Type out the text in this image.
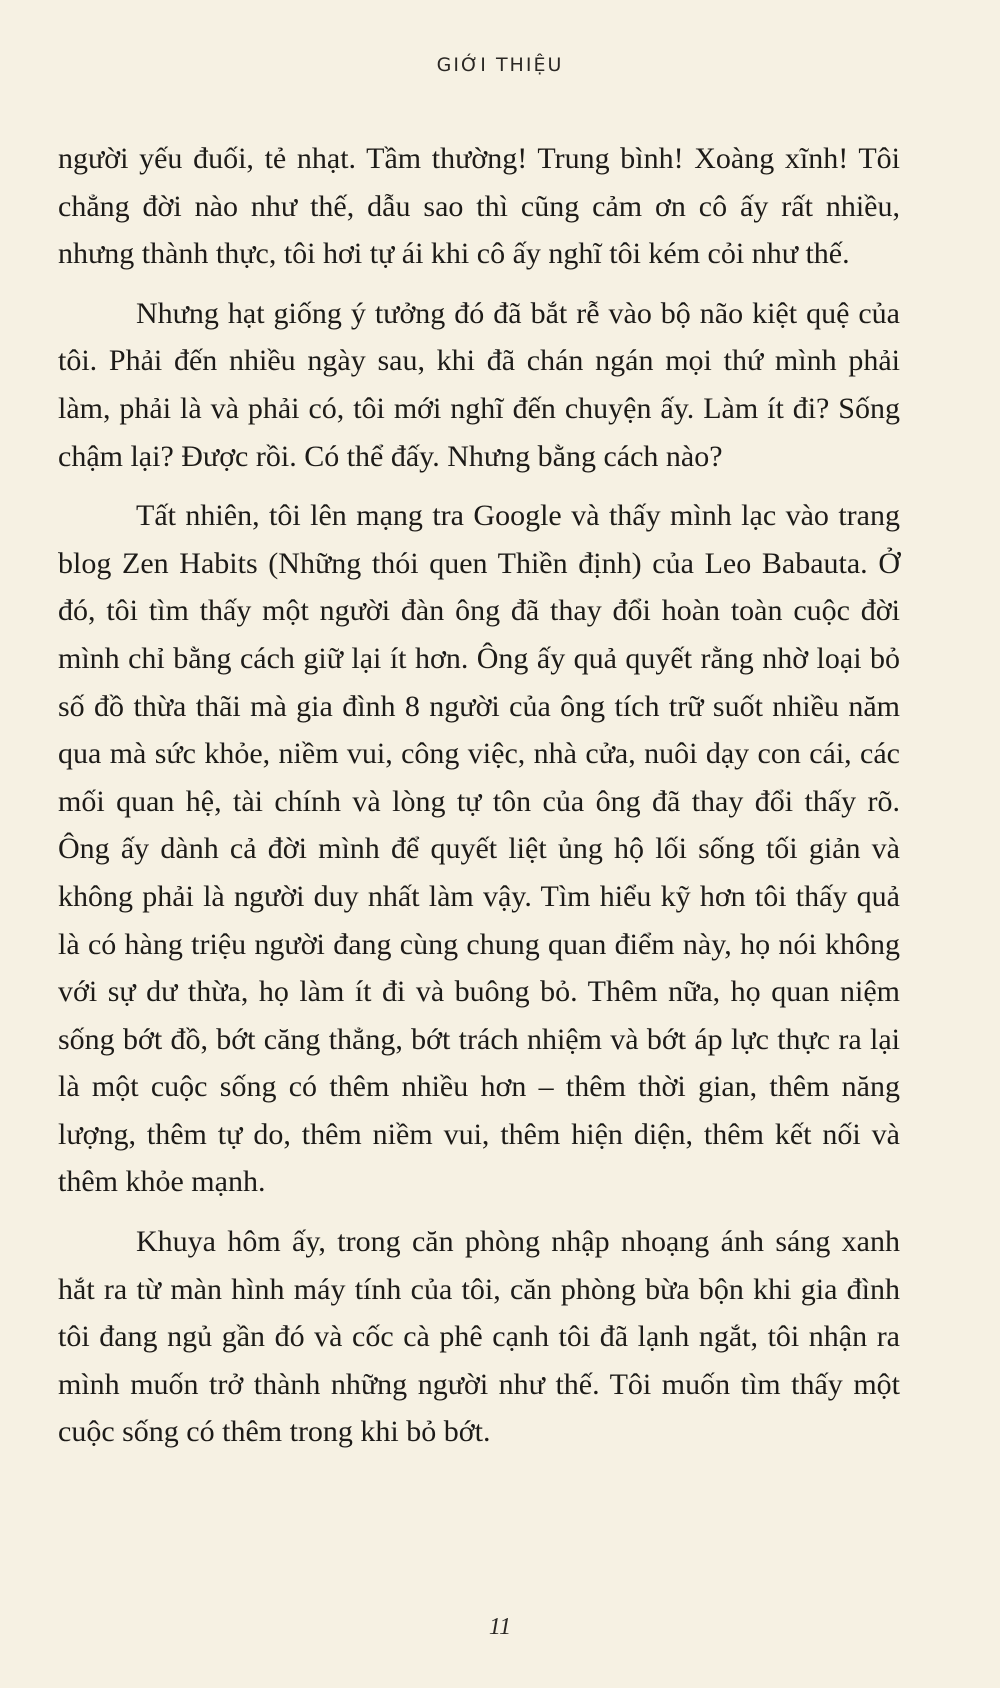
GIỚI THIỆU

người yếu đuối, tẻ nhạt. Tầm thường! Trung bình! Xoàng xĩnh! Tôi chẳng đời nào như thế, dẫu sao thì cũng cảm ơn cô ấy rất nhiều, nhưng thành thực, tôi hơi tự ái khi cô ấy nghĩ tôi kém cỏi như thế.

Nhưng hạt giống ý tưởng đó đã bắt rễ vào bộ não kiệt quệ của tôi. Phải đến nhiều ngày sau, khi đã chán ngán mọi thứ mình phải làm, phải là và phải có, tôi mới nghĩ đến chuyện ấy. Làm ít đi? Sống chậm lại? Được rồi. Có thể đấy. Nhưng bằng cách nào?

Tất nhiên, tôi lên mạng tra Google và thấy mình lạc vào trang blog Zen Habits (Những thói quen Thiền định) của Leo Babauta. Ở đó, tôi tìm thấy một người đàn ông đã thay đổi hoàn toàn cuộc đời mình chỉ bằng cách giữ lại ít hơn. Ông ấy quả quyết rằng nhờ loại bỏ số đồ thừa thãi mà gia đình 8 người của ông tích trữ suốt nhiều năm qua mà sức khỏe, niềm vui, công việc, nhà cửa, nuôi dạy con cái, các mối quan hệ, tài chính và lòng tự tôn của ông đã thay đổi thấy rõ. Ông ấy dành cả đời mình để quyết liệt ủng hộ lối sống tối giản và không phải là người duy nhất làm vậy. Tìm hiểu kỹ hơn tôi thấy quả là có hàng triệu người đang cùng chung quan điểm này, họ nói không với sự dư thừa, họ làm ít đi và buông bỏ. Thêm nữa, họ quan niệm sống bớt đồ, bớt căng thẳng, bớt trách nhiệm và bớt áp lực thực ra lại là một cuộc sống có thêm nhiều hơn – thêm thời gian, thêm năng lượng, thêm tự do, thêm niềm vui, thêm hiện diện, thêm kết nối và thêm khỏe mạnh.

Khuya hôm ấy, trong căn phòng nhập nhoạng ánh sáng xanh hắt ra từ màn hình máy tính của tôi, căn phòng bừa bộn khi gia đình tôi đang ngủ gần đó và cốc cà phê cạnh tôi đã lạnh ngắt, tôi nhận ra mình muốn trở thành những người như thế. Tôi muốn tìm thấy một cuộc sống có thêm trong khi bỏ bớt.

11
